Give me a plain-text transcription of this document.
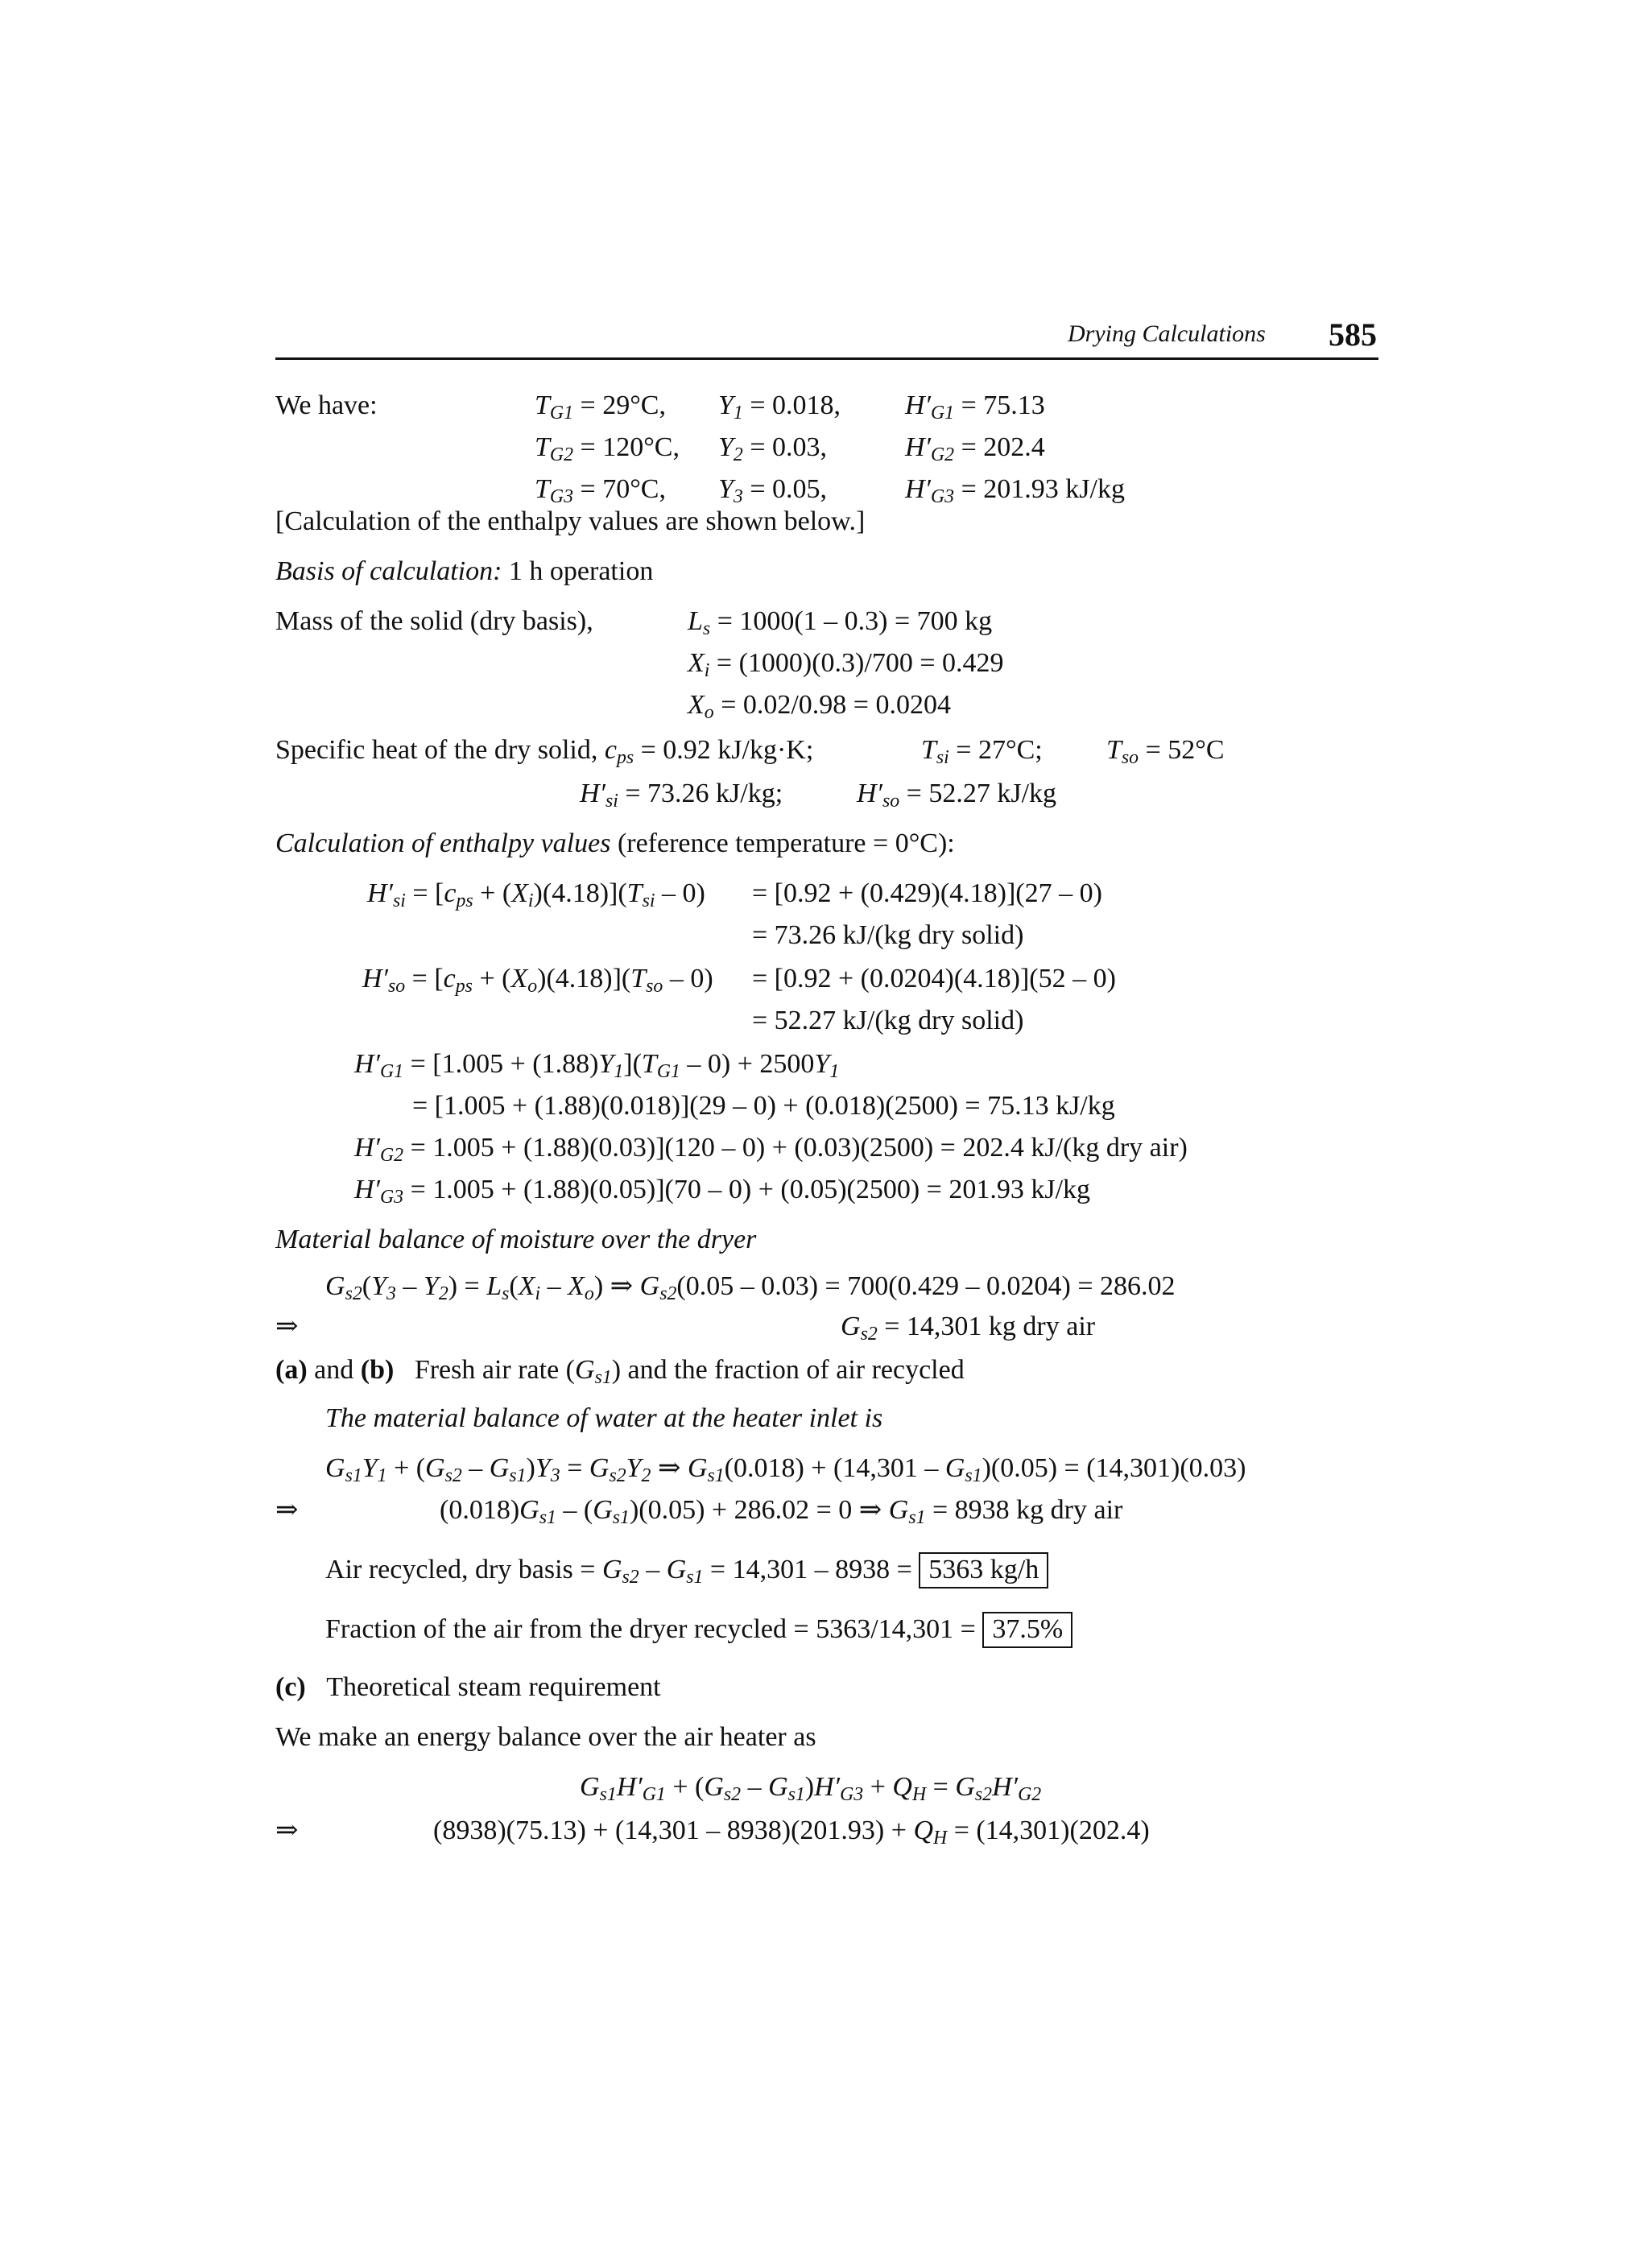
Drying Calculations 585
We have:	$T_{G1} = 29^\circ C$, $Y_1 = 0.018$, $H'_{G1} = 75.13$
$T_{G2} = 120^\circ C$, $Y_2 = 0.03$,	$H'_{G2} = 202.4$
$T_{G3} = 70^\circ C$, $Y_3 = 0.05$,	$H'_{G3} = 201.93$ kJ/kg
[Calculation of the enthalpy values are shown below.]
Basis of calculation: 1 h operation
Mass of the solid (dry basis),	$L_s = 1000(1 - 0.3) = 700$ kg
$X_i = (1000)(0.3)/700 = 0.429$
$X_o = 0.02/0.98 = 0.0204$
Specific heat of the dry solid, $c_{ps} = 0.92$ kJ/kg·K;	$T_{si} = 27^\circ C$; $T_{so} = 52^\circ C$
$H'_{si} = 73.26$ kJ/kg;	$H'_{so} = 52.27$ kJ/kg
Calculation of enthalpy values (reference temperature = 0°C):
$H'_{si} = [c_{ps} + (X_i)(4.18)](T_{si} - 0) = [0.92 + (0.429)(4.18)](27 - 0)$
= 73.26 kJ/(kg dry solid)
$H'_{so} = [c_{ps} + (X_o)(4.18)](T_{so} - 0) = [0.92 + (0.0204)(4.18)](52 - 0)$
= 52.27 kJ/(kg dry solid)
$H'_{G1} = [1.005 + (1.88)Y_1](T_{G1} - 0) + 2500Y_1$
= [1.005 + (1.88)(0.018)](29 – 0) + (0.018)(2500) = 75.13 kJ/kg
$H'_{G2} = 1.005 + (1.88)(0.03)](120 - 0) + (0.03)(2500) = 202.4$ kJ/(kg dry air)
$H'_{G3} = 1.005 + (1.88)(0.05)](70 - 0) + (0.05)(2500) = 201.93$ kJ/kg
Material balance of moisture over the dryer
$G_{s2}(Y_3 - Y_2) = L_s(X_i - X_o)$ ⇒ $G_{s2}(0.05 - 0.03) = 700(0.429 - 0.0204) = 286.02$
⇒	$G_{s2} = 14,301$ kg dry air
(a) and (b) Fresh air rate $(G_{s1})$ and the fraction of air recycled
The material balance of water at the heater inlet is
$G_{s1}Y_1 + (G_{s2} - G_{s1})Y_3 = G_{s2}Y_2$ ⇒ $G_{s1}(0.018) + (14,301 - G_{s1})(0.05) = (14,301)(0.03)$
⇒	$(0.018)G_{s1} - (G_{s1})(0.05) + 286.02 = 0$ ⇒ $G_{s1} = 8938$ kg dry air
Air recycled, dry basis = $G_{s2} - G_{s1} = 14,301 - 8938 = 5363$ kg/h
Fraction of the air from the dryer recycled = 5363/14,301 = 37.5%
(c) Theoretical steam requirement
We make an energy balance over the air heater as
$G_{s1}H'_{G1} + (G_{s2} - G_{s1})H'_{G3} + Q_H = G_{s2}H'_{G2}$
⇒	$(8938)(75.13) + (14,301 - 8938)(201.93) + Q_H = (14,301)(202.4)$
